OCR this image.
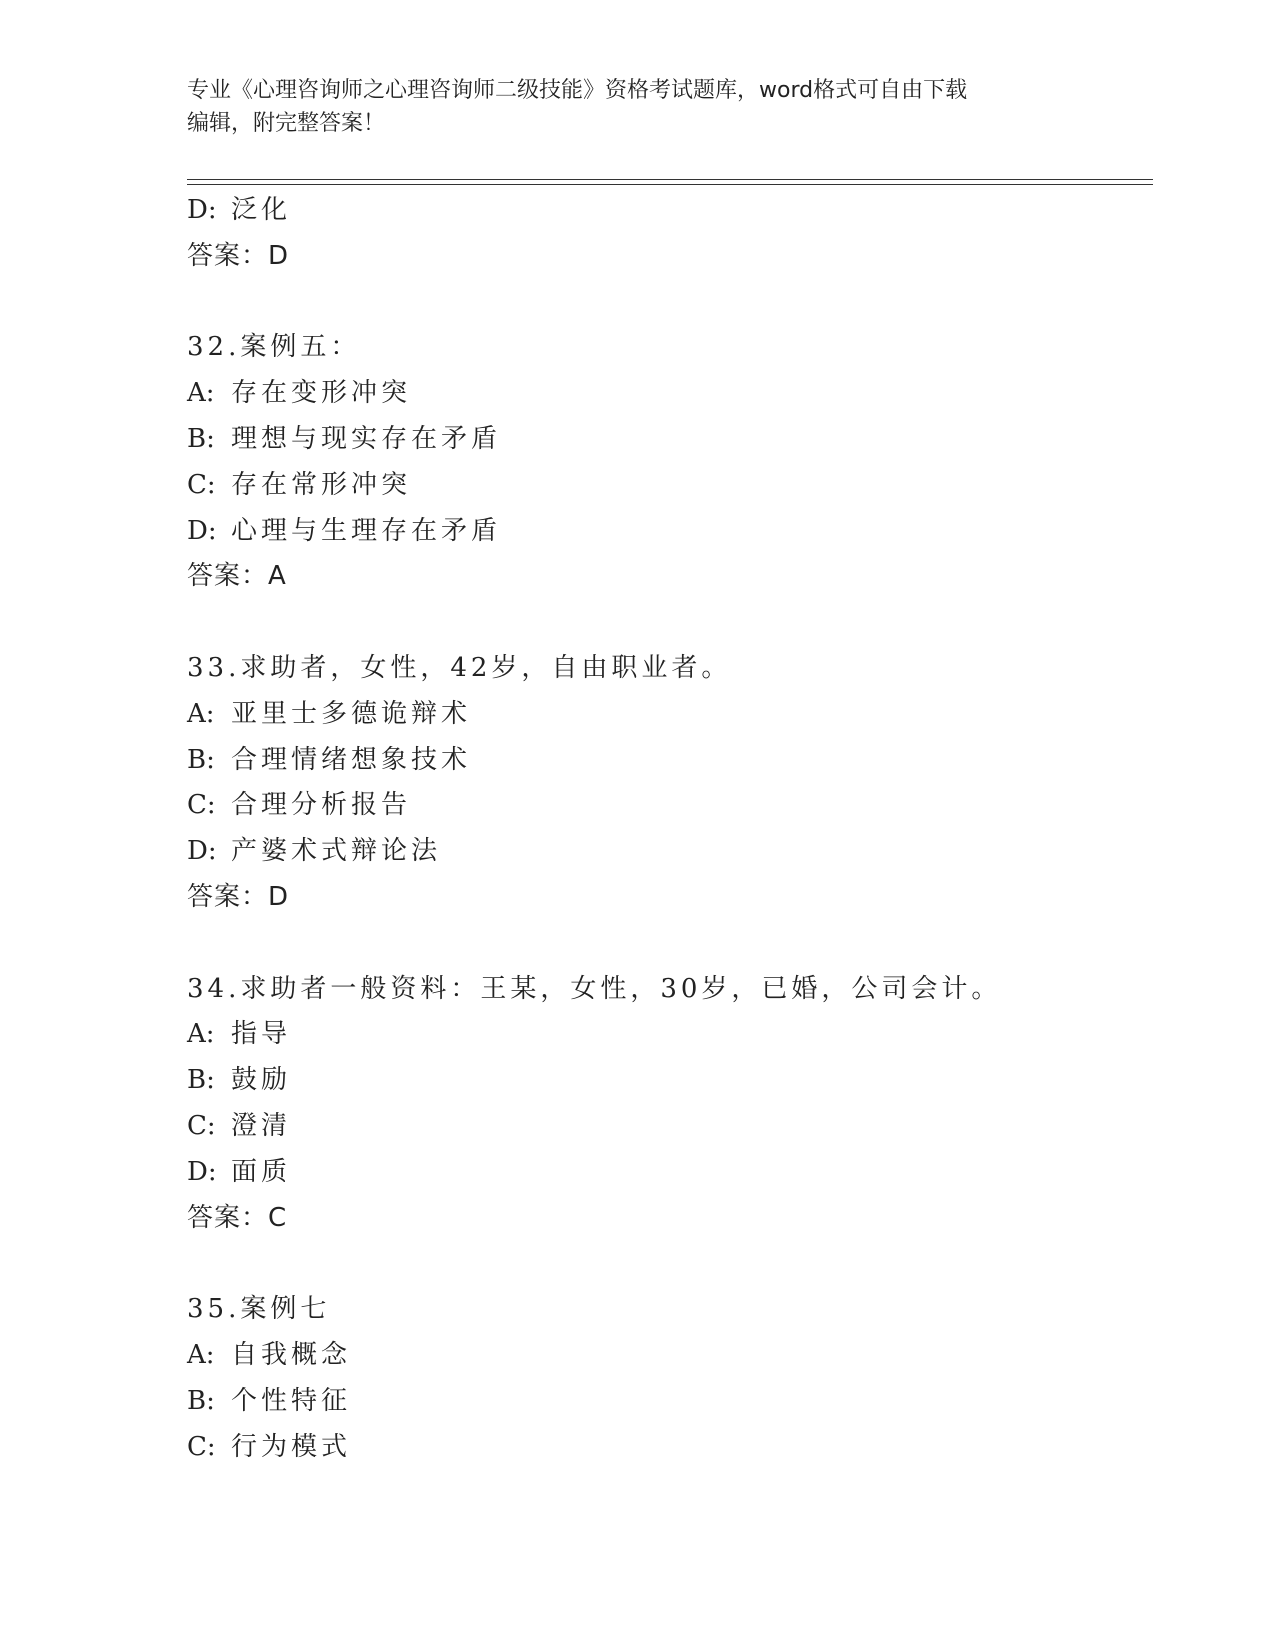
专业《心理咨询师之心理咨询师二级技能》资格考试题库，word格式可自由下载
编辑，附完整答案！
D: 泛化
答案：D
32.案例五：
A: 存在变形冲突
B: 理想与现实存在矛盾
C: 存在常形冲突
D: 心理与生理存在矛盾
答案：A
33.求助者，女性，42岁，自由职业者。
A: 亚里士多德诡辩术
B: 合理情绪想象技术
C: 合理分析报告
D: 产婆术式辩论法
答案：D
34.求助者一般资料：王某，女性，30岁，已婚，公司会计。
A: 指导
B: 鼓励
C: 澄清
D: 面质
答案：C
35.案例七
A: 自我概念
B: 个性特征
C: 行为模式
